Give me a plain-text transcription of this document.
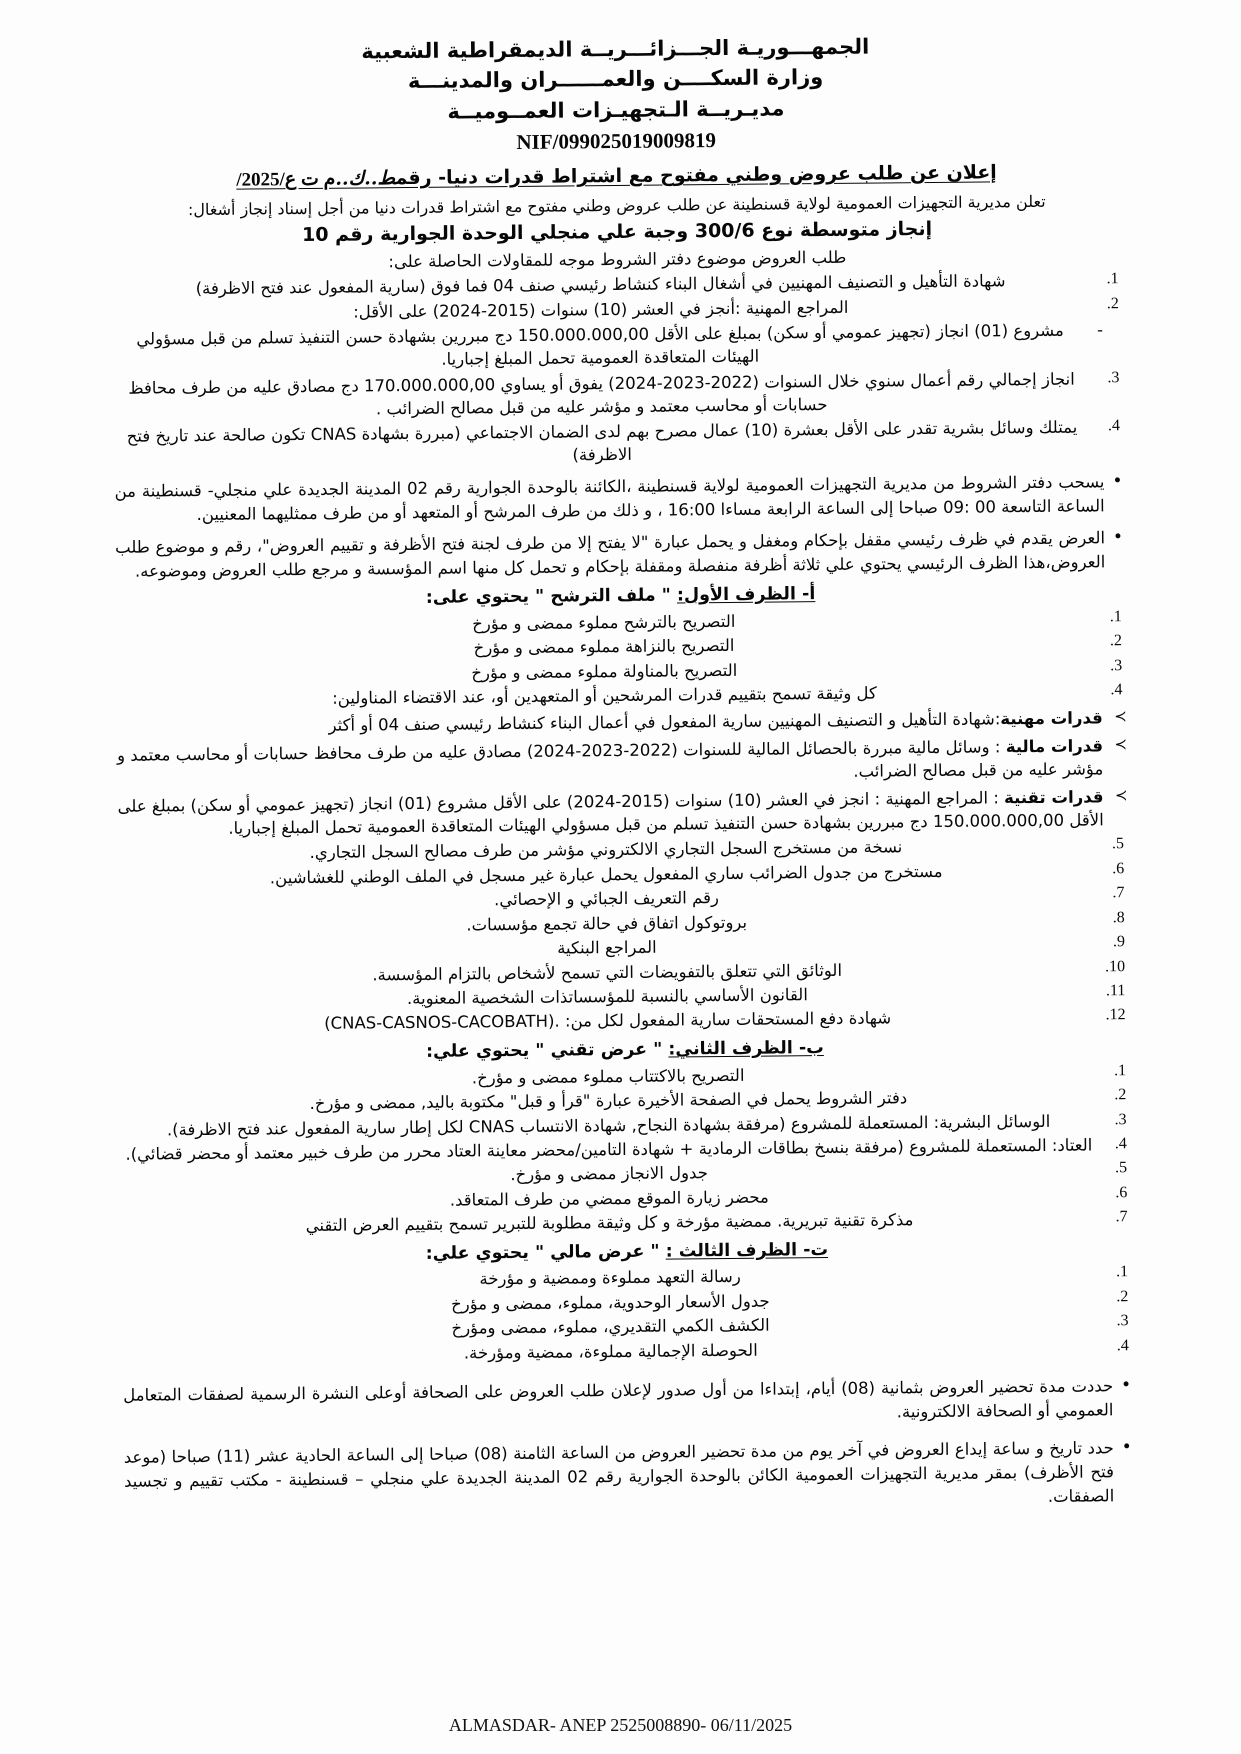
الجمهـــوريـة الجـــزائـــريــة الديمقراطية الشعبية
وزارة السكــــن والعمــــــران والمدينـــة
مديـريــة الـتجهيـزات العمــوميــة
NIF/099025019009819
إعلان عن طلب عروض وطني مفتوح مع اشتراط قدرات دنيا- رقمط..ك../م ت ع/2025
تعلن مديرية التجهيزات العمومية لولاية قسنطينة عن طلب عروض وطني مفتوح مع اشتراط قدرات دنيا من أجل إسناد إنجاز أشغال:
إنجاز متوسطة نوع 300/6 وجبة علي منجلي الوحدة الجوارية رقم 10
طلب العروض موضوع دفتر الشروط موجه للمقاولات الحاصلة على:
شهادة التأهيل و التصنيف المهنيين في أشغال البناء كنشاط رئيسي صنف 04 فما فوق (سارية المفعول عند فتح الاظرفة)
المراجع المهنية :أنجز في العشر (10) سنوات (2015-2024) على الأقل:
- مشروع (01) انجاز (تجهيز عمومي أو سكن) بمبلغ على الأقل 150.000.000,00 دج مبررين بشهادة حسن التنفيذ تسلم من قبل مسؤولي الهيئات المتعاقدة العمومية تحمل المبلغ إجباريا.
انجاز إجمالي رقم أعمال سنوي خلال السنوات (2022-2023-2024) يفوق أو يساوي 170.000.000,00 دج مصادق عليه من طرف محافظ حسابات أو محاسب معتمد و مؤشر عليه من قبل مصالح الضرائب .
يمتلك وسائل بشرية تقدر على الأقل بعشرة (10) عمال مصرح بهم لدى الضمان الاجتماعي (مبررة بشهادة CNAS تكون صالحة عند تاريخ فتح الاظرفة)
• يسحب دفتر الشروط من مديرية التجهيزات العمومية لولاية قسنطينة ،الكائنة بالوحدة الجوارية رقم 02 المدينة الجديدة علي منجلي- قسنطينة من الساعة التاسعة 00 :09 صباحا إلى الساعة الرابعة مساءا 16:00 ، و ذلك من طرف المرشح أو المتعهد أو من طرف ممثليهما المعنيين.
• العرض يقدم في ظرف رئيسي مقفل بإحكام ومغفل و يحمل عبارة "لا يفتح إلا من طرف لجنة فتح الأظرفة و تقييم العروض"، رقم و موضوع طلب العروض،هذا الظرف الرئيسي يحتوي علي ثلاثة أظرفة منفصلة ومقفلة بإحكام و تحمل كل منها اسم المؤسسة و مرجع طلب العروض وموضوعه.
أ- الظرف الأول: " ملف الترشح " يحتوي على:
التصريح بالترشح مملوء ممضى و مؤرخ
التصريح بالنزاهة مملوء ممضى و مؤرخ
التصريح بالمناولة مملوء ممضى و مؤرخ
كل وثيقة تسمح بتقييم قدرات المرشحين أو المتعهدين أو، عند الاقتضاء المناولين:
≻ قدرات مهنية:شهادة التأهيل و التصنيف المهنيين سارية المفعول في أعمال البناء كنشاط رئيسي صنف 04 أو أكثر
≻ قدرات مالية : وسائل مالية مبررة بالحصائل المالية للسنوات (2022-2023-2024) مصادق عليه من طرف محافظ حسابات أو محاسب معتمد و مؤشر عليه من قبل مصالح الضرائب.
≻ قدرات تقنية : المراجع المهنية : انجز في العشر (10) سنوات (2015-2024) على الأقل مشروع (01) انجاز (تجهيز عمومي أو سكن) بمبلغ على الأقل 150.000.000,00 دج مبررين بشهادة حسن التنفيذ تسلم من قبل مسؤولي الهيئات المتعاقدة العمومية تحمل المبلغ إجباريا.
نسخة من مستخرج السجل التجاري الالكتروني مؤشر من طرف مصالح السجل التجاري.
مستخرج من جدول الضرائب ساري المفعول يحمل عبارة غير مسجل في الملف الوطني للغشاشين.
رقم التعريف الجبائي و الإحصائي.
بروتوكول اتفاق في حالة تجمع مؤسسات.
المراجع البنكية
الوثائق التي تتعلق بالتفويضات التي تسمح لأشخاص بالتزام المؤسسة.
القانون الأساسي بالنسبة للمؤسساتذات الشخصية المعنوية.
شهادة دفع المستحقات سارية المفعول لكل من: .(CNAS-CASNOS-CACOBATH)
ب- الظرف الثاني: " عرض تقني " يحتوي علي:
التصريح بالاكتتاب مملوء ممضى و مؤرخ.
دفتر الشروط يحمل في الصفحة الأخيرة عبارة "قرأ و قبل" مكتوبة باليد, ممضى و مؤرخ.
الوسائل البشرية: المستعملة للمشروع (مرفقة بشهادة النجاح, شهادة الانتساب CNAS لكل إطار سارية المفعول عند فتح الاظرفة).
العتاد: المستعملة للمشروع (مرفقة بنسخ بطاقات الرمادية + شهادة التامين/محضر معاينة العتاد محرر من طرف خبير معتمد أو محضر قضائي).
جدول الانجاز ممضى و مؤرخ.
محضر زيارة الموقع ممضي من طرف المتعاقد.
مذكرة تقنية تبريرية. ممضية مؤرخة و كل وثيقة مطلوبة للتبرير تسمح بتقييم العرض التقني
ت- الظرف الثالث : " عرض مالي " يحتوي علي:
رسالة التعهد مملوءة وممضية و مؤرخة
جدول الأسعار الوحدوية، مملوء، ممضى و مؤرخ
الكشف الكمي التقديري، مملوء، ممضى ومؤرخ
الحوصلة الإجمالية مملوءة، ممضية ومؤرخة.
• حددت مدة تحضير العروض بثمانية (08) أيام، إبتداءا من أول صدور لإعلان طلب العروض على الصحافة أوعلى النشرة الرسمية لصفقات المتعامل العمومي أو الصحافة الالكترونية.
• حدد تاريخ و ساعة إيداع العروض في آخر يوم من مدة تحضير العروض من الساعة الثامنة (08) صباحا إلى الساعة الحادية عشر (11) صباحا (موعد فتح الأظرف) بمقر مديرية التجهيزات العمومية الكائن بالوحدة الجوارية رقم 02 المدينة الجديدة علي منجلي – قسنطينة - مكتب تقييم و تجسيد الصفقات.
ALMASDAR- ANEP 2525008890- 06/11/2025
